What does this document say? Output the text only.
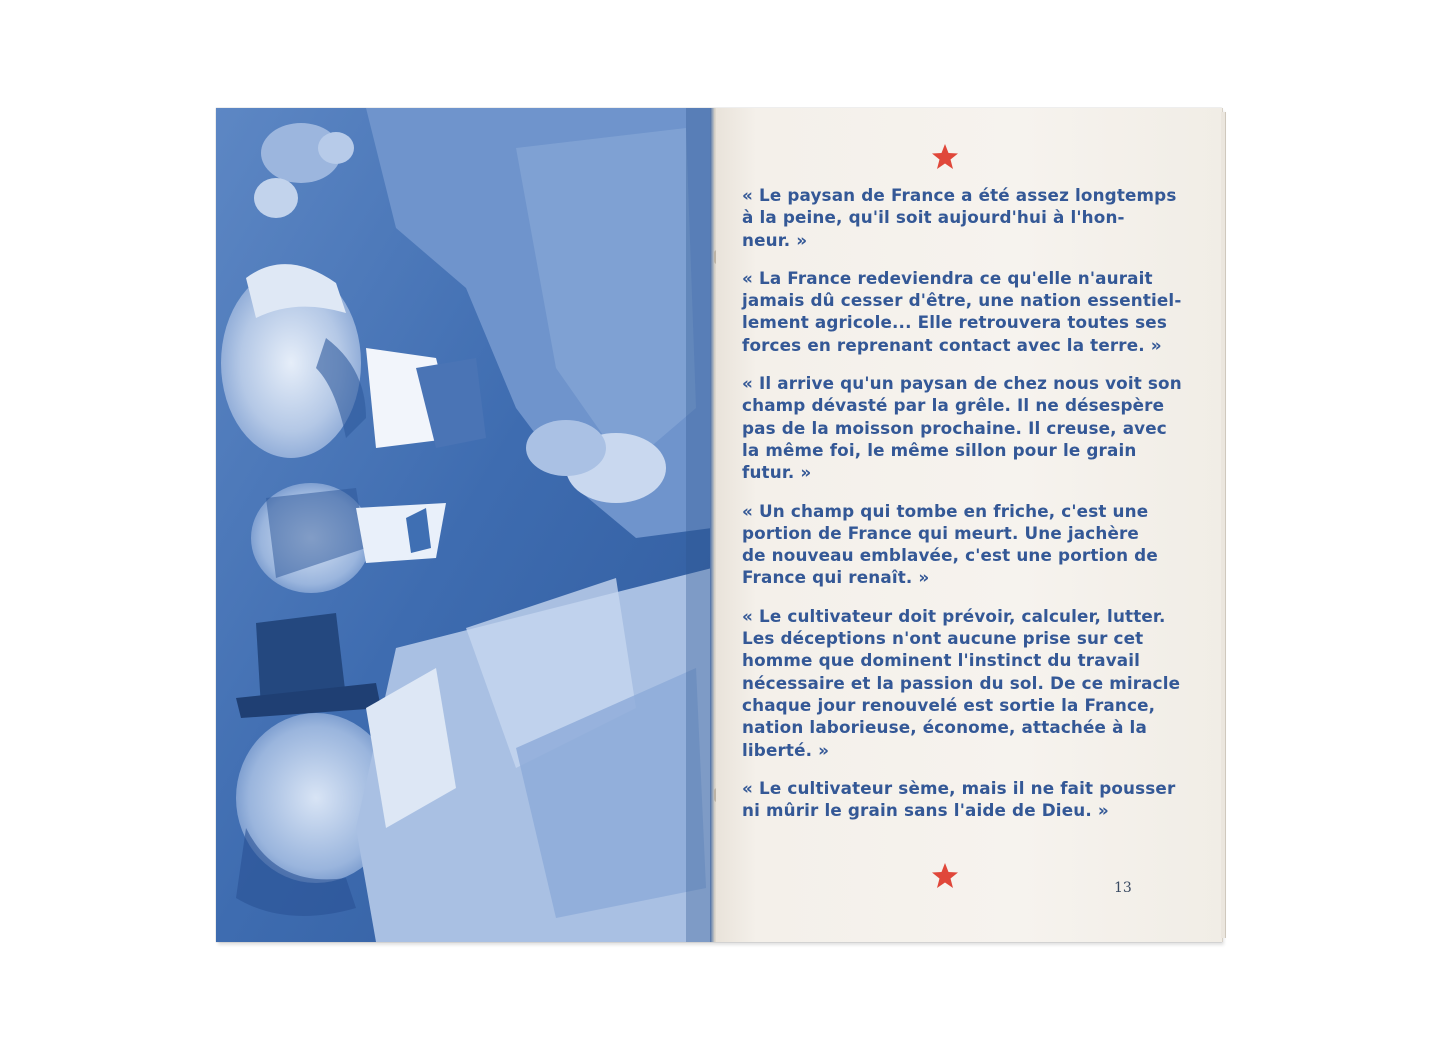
« Le paysan de France a été assez longtemps
à la peine, qu'il soit aujourd'hui à l'hon-
neur. »

« La France redeviendra ce qu'elle n'aurait
jamais dû cesser d'être, une nation essentiel-
lement agricole... Elle retrouvera toutes ses
forces en reprenant contact avec la terre. »

« Il arrive qu'un paysan de chez nous voit son
champ dévasté par la grêle. Il ne désespère
pas de la moisson prochaine. Il creuse, avec
la même foi, le même sillon pour le grain
futur. »

« Un champ qui tombe en friche, c'est une
portion de France qui meurt. Une jachère
de nouveau emblavée, c'est une portion de
France qui renaît. »

« Le cultivateur doit prévoir, calculer, lutter.
Les déceptions n'ont aucune prise sur cet
homme que dominent l'instinct du travail
nécessaire et la passion du sol. De ce miracle
chaque jour renouvelé est sortie la France,
nation laborieuse, économe, attachée à la
liberté. »

« Le cultivateur sème, mais il ne fait pousser
ni mûrir le grain sans l'aide de Dieu. »

13
